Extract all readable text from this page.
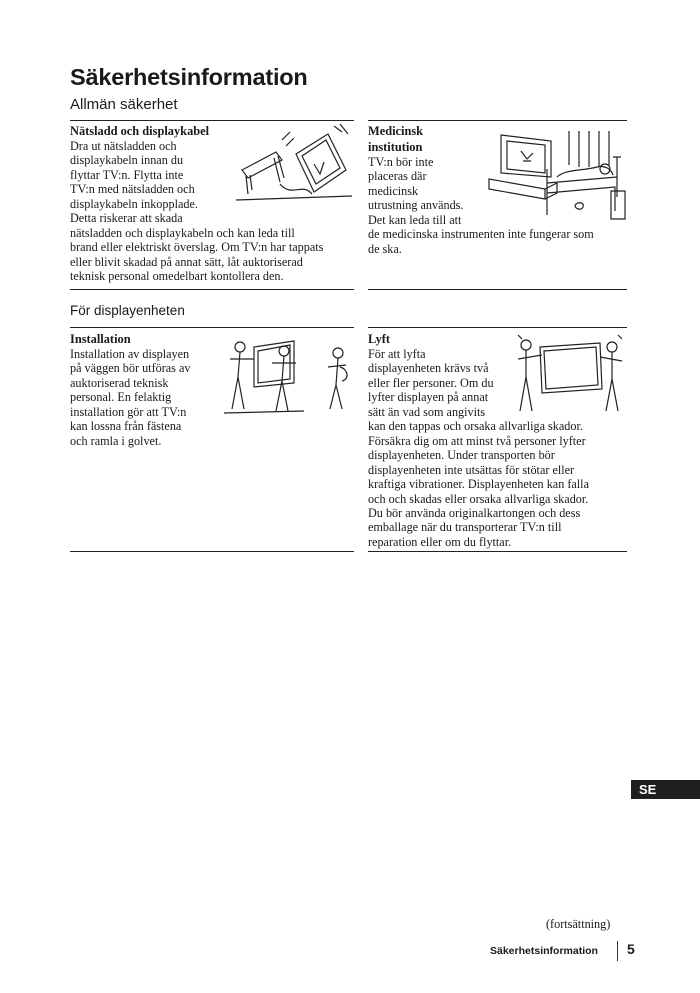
Säkerhetsinformation
Allmän säkerhet
Nätsladd och displaykabel
Dra ut nätsladden och
displaykabeln innan du
flyttar TV:n. Flytta inte
TV:n med nätsladden och
displaykabeln inkopplade.
Detta riskerar att skada
nätsladden och displaykabeln och kan leda till
brand eller elektriskt överslag. Om TV:n har tappats
eller blivit skadad på annat sätt, låt auktoriserad
teknisk personal omedelbart kontollera den.
Medicinsk
institution
TV:n bör inte
placeras där
medicinsk
utrustning används.
Det kan leda till att
de medicinska instrumenten inte fungerar som
de ska.
För displayenheten
Installation
Installation av displayen
på väggen bör utföras av
auktoriserad teknisk
personal. En felaktig
installation gör att TV:n
kan lossna från fästena
och ramla i golvet.
Lyft
För att lyfta
displayenheten krävs två
eller fler personer. Om du
lyfter displayen på annat
sätt än vad som angivits
kan den tappas och orsaka allvarliga skador.
Försäkra dig om att minst två personer lyfter
displayenheten. Under transporten bör
displayenheten inte utsättas för stötar eller
kraftiga vibrationer. Displayenheten kan falla
och och skadas eller orsaka allvarliga skador.
Du bör använda originalkartongen och dess
emballage när du transporterar TV:n till
reparation eller om du flyttar.
SE
(fortsättning)
Säkerhetsinformation 5
